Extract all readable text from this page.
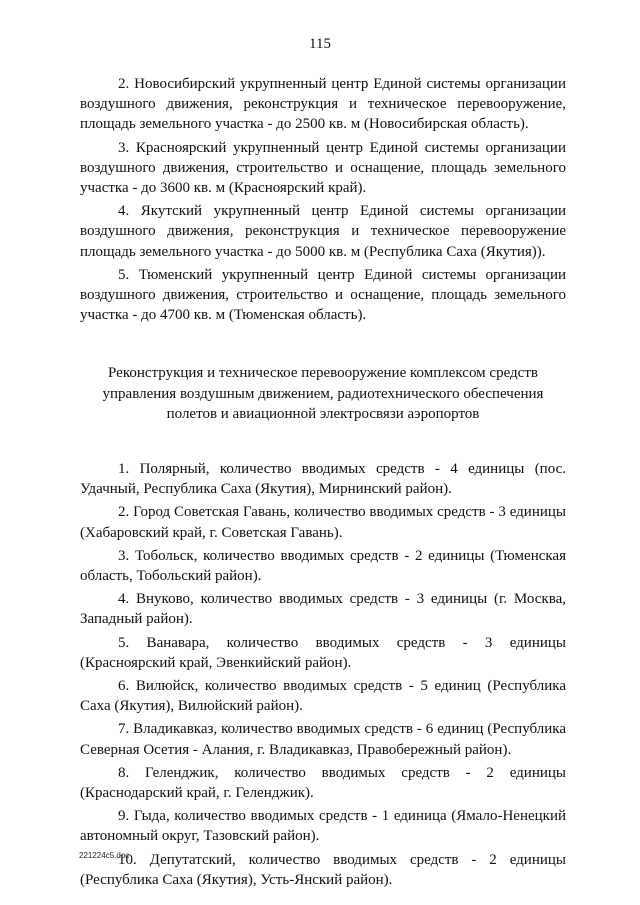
115

2. Новосибирский укрупненный центр Единой системы организации воздушного движения, реконструкция и техническое перевооружение, площадь земельного участка - до 2500 кв. м (Новосибирская область).

3. Красноярский укрупненный центр Единой системы организации воздушного движения, строительство и оснащение, площадь земельного участка - до 3600 кв. м (Красноярский край).

4. Якутский укрупненный центр Единой системы организации воздушного движения, реконструкция и техническое перевооружение площадь земельного участка - до 5000 кв. м (Республика Саха (Якутия)).

5. Тюменский укрупненный центр Единой системы организации воздушного движения, строительство и оснащение, площадь земельного участка - до 4700 кв. м (Тюменская область).

Реконструкция и техническое перевооружение комплексом средств
управления воздушным движением, радиотехнического обеспечения
полетов и авиационной электросвязи аэропортов

1. Полярный, количество вводимых средств - 4 единицы (пос. Удачный, Республика Саха (Якутия), Мирнинский район).

2. Город Советская Гавань, количество вводимых средств - 3 единицы (Хабаровский край, г. Советская Гавань).

3. Тобольск, количество вводимых средств - 2 единицы (Тюменская область, Тобольский район).

4. Внуково, количество вводимых средств - 3 единицы (г. Москва, Западный район).

5. Ванавара, количество вводимых средств - 3 единицы (Красноярский край, Эвенкийский район).

6. Вилюйск, количество вводимых средств - 5 единиц (Республика Саха (Якутия), Вилюйский район).

7. Владикавказ, количество вводимых средств - 6 единиц (Республика Северная Осетия - Алания, г. Владикавказ, Правобережный район).

8. Геленджик, количество вводимых средств - 2 единицы (Краснодарский край, г. Геленджик).

9. Гыда, количество вводимых средств - 1 единица (Ямало-Ненецкий автономный округ, Тазовский район).

10. Депутатский, количество вводимых средств - 2 единицы (Республика Саха (Якутия), Усть-Янский район).

221224c5.doc
